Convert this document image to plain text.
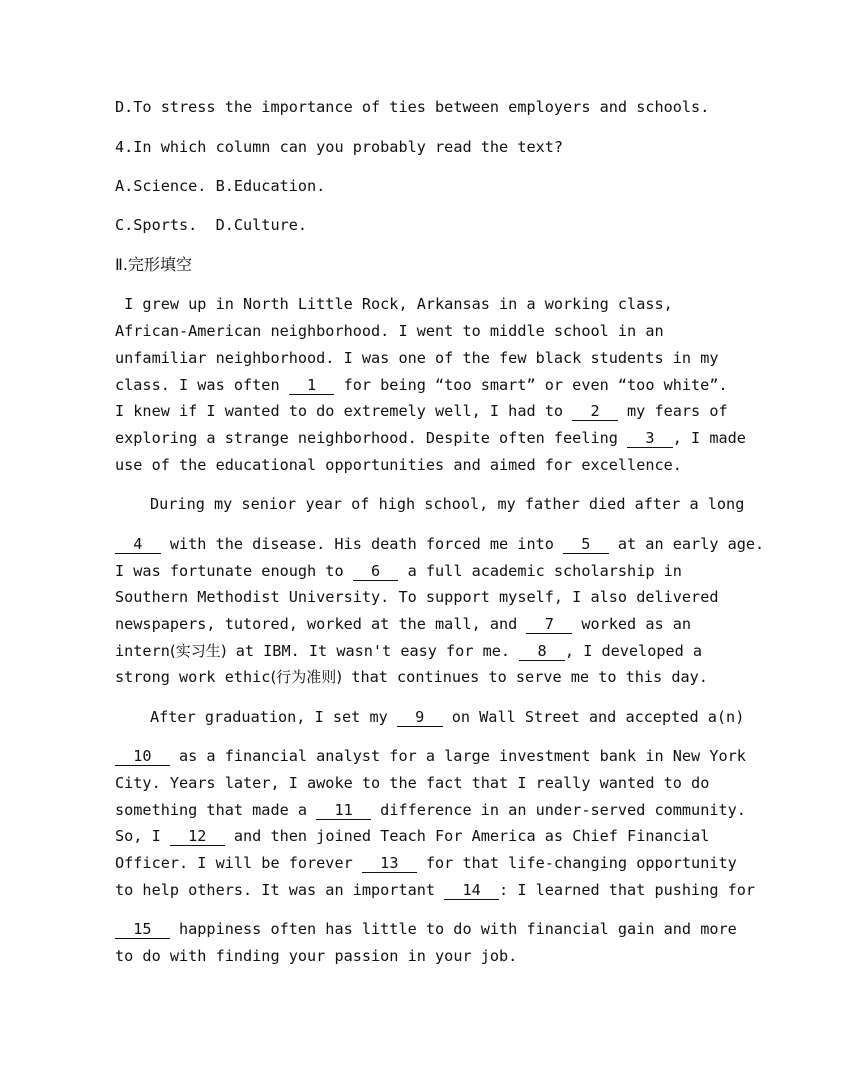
D.To stress the importance of ties between employers and schools.
4.In which column can you probably read the text?
A.Science. B.Education.
C.Sports.  D.Culture.
Ⅱ.完形填空
I grew up in North Little Rock, Arkansas in a working class,
African-American neighborhood. I went to middle school in an
unfamiliar neighborhood. I was one of the few black students in my
class. I was often 1 for being “too smart” or even “too white”.
I knew if I wanted to do extremely well, I had to 2 my fears of
exploring a strange neighborhood. Despite often feeling 3 , I made
use of the educational opportunities and aimed for excellence.
During my senior year of high school, my father died after a long
4 with the disease. His death forced me into 5 at an early age.
I was fortunate enough to 6 a full academic scholarship in
Southern Methodist University. To support myself, I also delivered
newspapers, tutored, worked at the mall, and 7 worked as an
intern(实习生) at IBM. It wasn't easy for me. 8 , I developed a
strong work ethic(行为准则) that continues to serve me to this day.
After graduation, I set my 9 on Wall Street and accepted a(n)
10 as a financial analyst for a large investment bank in New York
City. Years later, I awoke to the fact that I really wanted to do
something that made a 11 difference in an under-served community.
So, I 12 and then joined Teach For America as Chief Financial
Officer. I will be forever 13 for that life-changing opportunity
to help others. It was an important 14 : I learned that pushing for
15 happiness often has little to do with financial gain and more
to do with finding your passion in your job.
